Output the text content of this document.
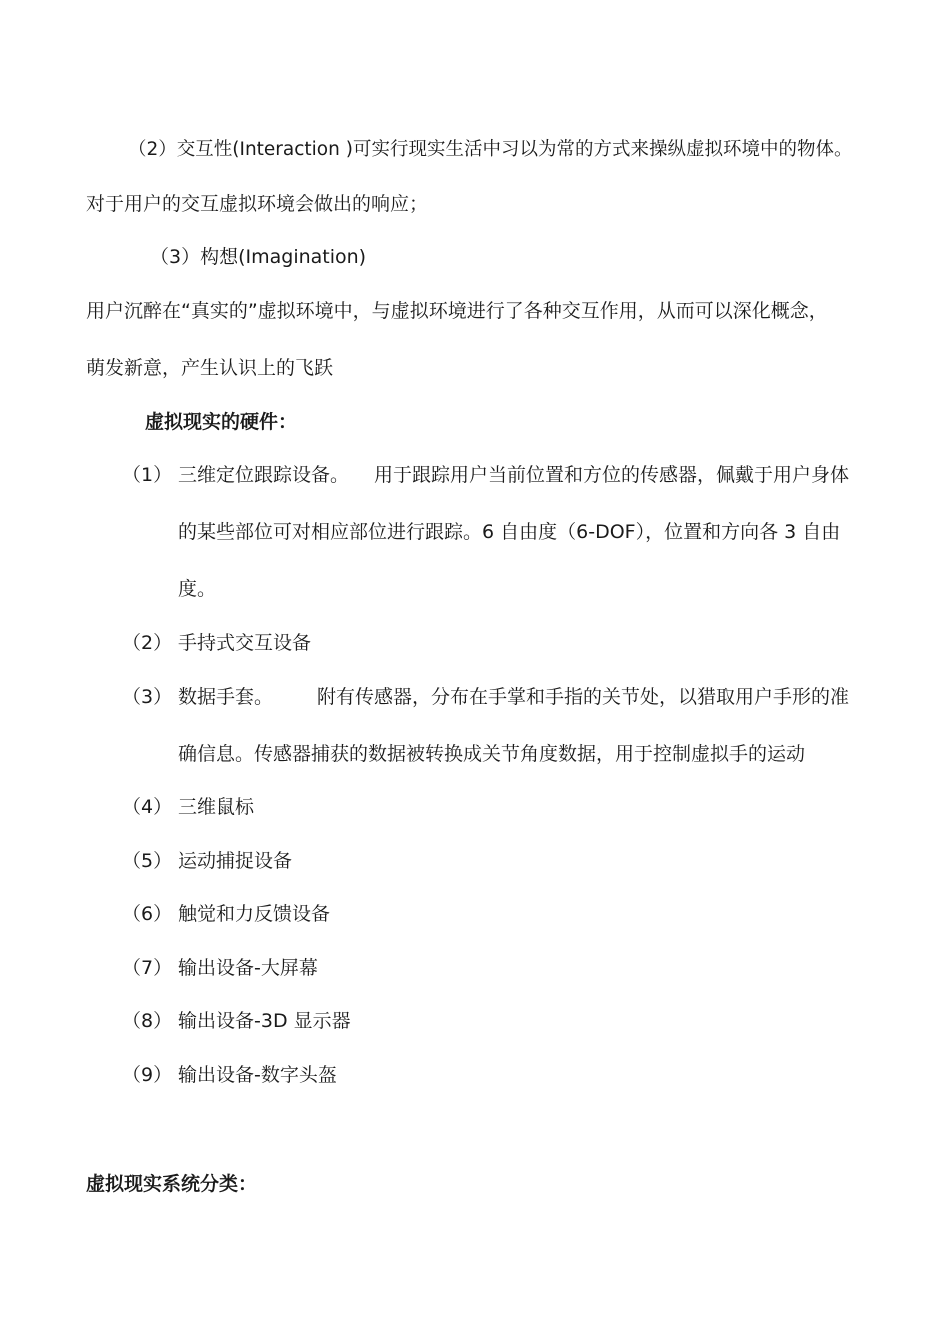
（2）交互性(Interaction )可实行现实生活中习以为常的方式来操纵虚拟环境中的物体。
对于用户的交互虚拟环境会做出的响应；
（3）构想(Imagination)
用户沉醉在“真实的”虚拟环境中，与虚拟环境进行了各种交互作用，从而可以深化概念，
萌发新意，产生认识上的飞跃
虚拟现实的硬件：
（1） 三维定位跟踪设备。 用于跟踪用户当前位置和方位的传感器，佩戴于用户身体
的某些部位可对相应部位进行跟踪。6 自由度（6-DOF），位置和方向各 3 自由
度。
（2） 手持式交互设备
（3） 数据手套。 附有传感器，分布在手掌和手指的关节处，以猎取用户手形的准
确信息。传感器捕获的数据被转换成关节角度数据，用于控制虚拟手的运动
（4） 三维鼠标
（5） 运动捕捉设备
（6） 触觉和力反馈设备
（7） 输出设备-大屏幕
（8） 输出设备-3D 显示器
（9） 输出设备-数字头盔
虚拟现实系统分类：
